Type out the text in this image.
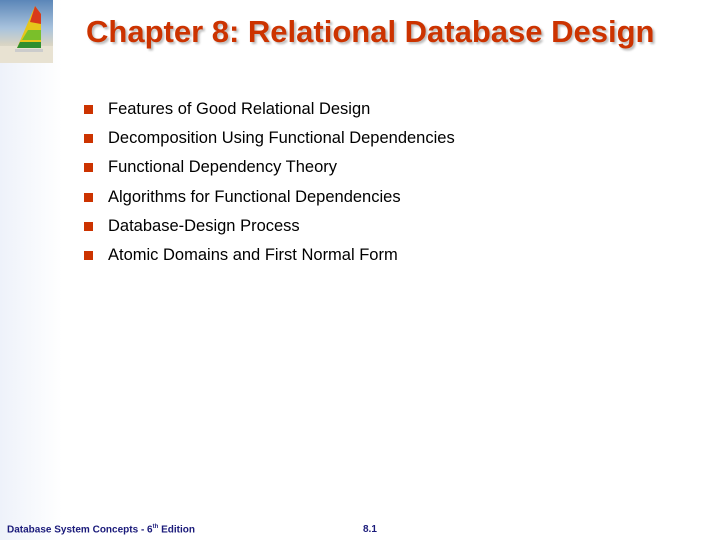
Chapter 8: Relational Database Design
Features of Good Relational Design
Decomposition Using Functional Dependencies
Functional Dependency Theory
Algorithms for Functional Dependencies
Database-Design Process
Atomic Domains and First Normal Form
Database System Concepts - 6th Edition	8.1
